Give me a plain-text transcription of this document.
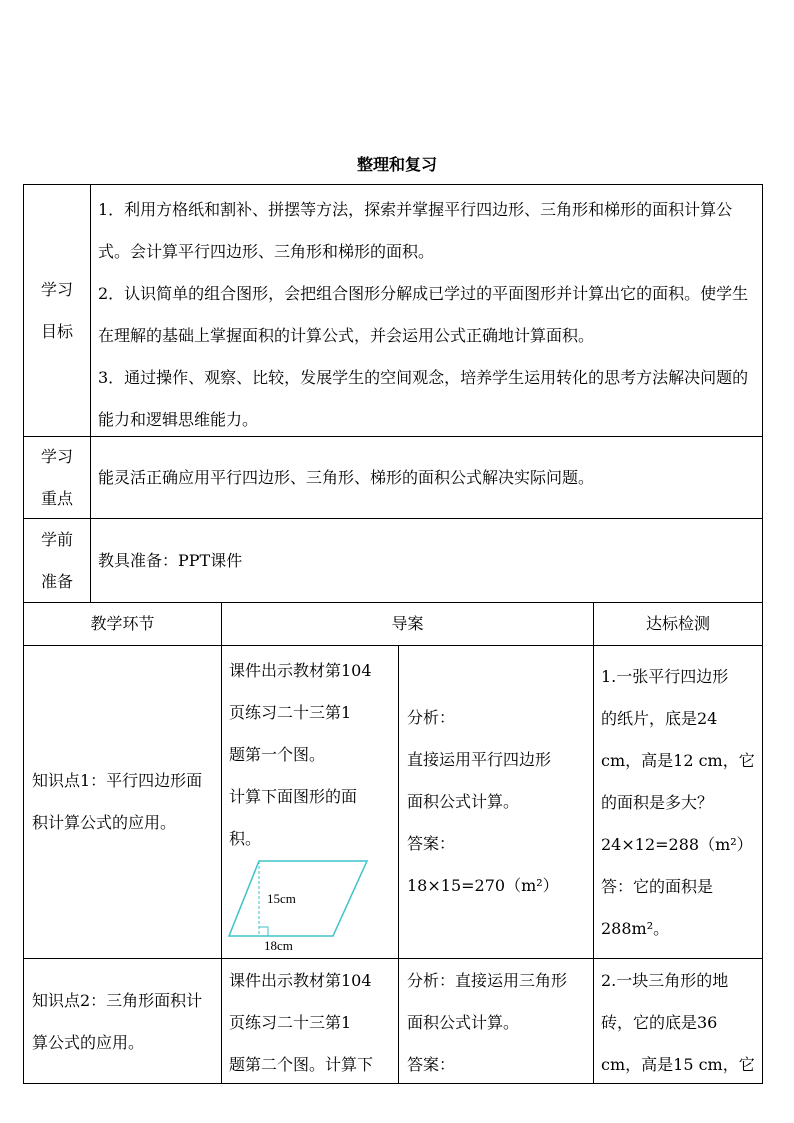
整理和复习

学习

目标

1．利用方格纸和割补、拼摆等方法，探索并掌握平行四边形、三角形和梯形的面积计算公式。会计算平行四边形、三角形和梯形的面积。

2．认识简单的组合图形，会把组合图形分解成已学过的平面图形并计算出它的面积。使学生在理解的基础上掌握面积的计算公式，并会运用公式正确地计算面积。

3．通过操作、观察、比较，发展学生的空间观念，培养学生运用转化的思考方法解决问题的能力和逻辑思维能力。

学习

重点

能灵活正确应用平行四边形、三角形、梯形的面积公式解决实际问题。

学前

准备

教具准备：PPT课件

教学环节	导案	达标检测

知识点1：平行四边形面积计算公式的应用。

课件出示教材第104

页练习二十三第1

题第一个图。

计算下面图形的面

积。

15cm
18cm

分析：

直接运用平行四边形

面积公式计算。

答案：

18×15=270（m²）

1.一张平行四边形

的纸片，底是24

cm，高是12 cm，它

的面积是多大？

24×12=288（m²）

答：它的面积是

288m²。

知识点2：三角形面积计算公式的应用。

课件出示教材第104

页练习二十三第1

题第二个图。计算下

分析：直接运用三角形

面积公式计算。

答案：

2.一块三角形的地

砖，它的底是36

cm，高是15 cm，它
